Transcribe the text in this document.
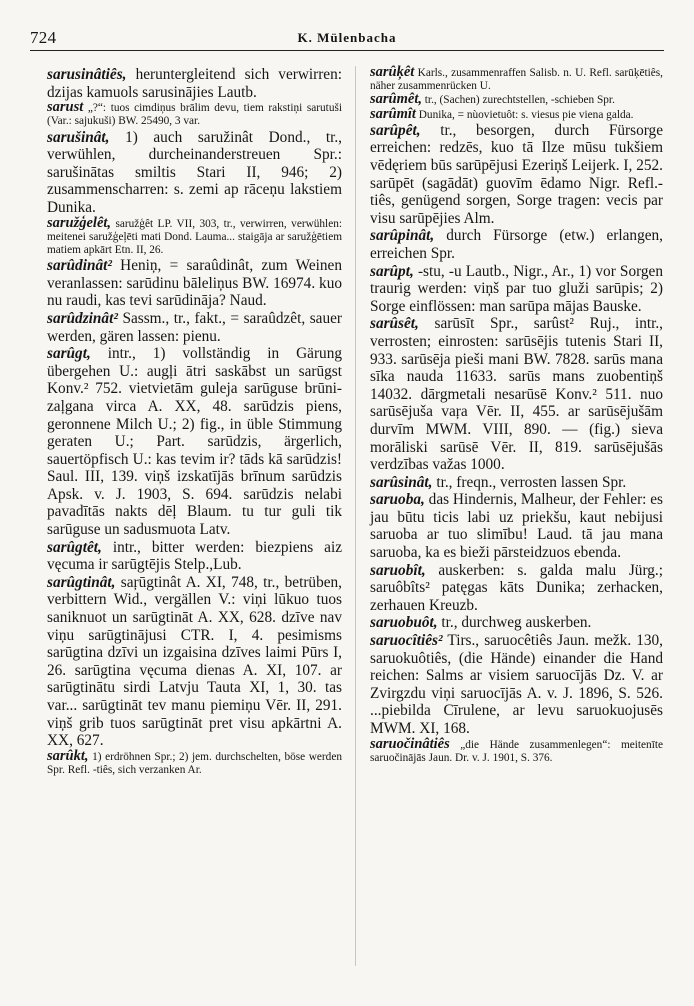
724	K. Mülenbacha

sarusinâtiês, heruntergleitend sich verwirren: dzijas kamuols sarusinājies Lautb.

sarust „?“: tuos cimdiņus brālim devu, tiem rakstiņi sarutuši (Var.: sajukuši) BW. 25490, 3 var.

sarušinât, 1) auch saružinât Dond., tr., verwühlen, durcheinanderstreuen Spr.: sarušinātas smiltis Stari II, 946; 2) zusammenscharren: s. zemi ap rāceņu lakstiem Dunika.

saružģelêt, saružģêt LP. VII, 303, tr., verwirren, verwühlen: meitenei saružģeļēti mati Dond. Lauma... staigāja ar saružģētiem matiem apkārt Etn. II, 26.

sarûdinât² Heniņ, = saraûdinât, zum Weinen veranlassen: sarūdinu bāleliņus BW. 16974. kuo nu raudi, kas tevi sarūdināja? Naud.

sarûdzinât² Sassm., tr., fakt., = saraûdzêt, sauer werden, gären lassen: pienu.

sarûgt, intr., 1) vollständig in Gärung übergehen U.: augļi ātri saskābst un sarūgst Konv.² 752. vietvietām guleja sarūguse brūni-zaļgana virca A. XX, 48. sarūdzis piens, geronnene Milch U.; 2) fig., in üble Stimmung geraten U.; Part. sarūdzis, ärgerlich, sauertöpfisch U.: kas tevim ir? tāds kā sarūdzis! Saul. III, 139. viņš izskatījās brīnum sarūdzis Apsk. v. J. 1903, S. 694. sarūdzis nelabi pavadītās nakts dēļ Blaum. tu tur guli tik sarūguse un sadusmuota Latv.

sarûgtêt, intr., bitter werden: biezpiens aiz vęcuma ir sarūgtējis Stelp.,Lub.

sarûgtinât, saŗūgtinât A. XI, 748, tr., betrüben, verbittern Wid., vergällen V.: viņi lūkuo tuos saniknuot un sarūgtināt A. XX, 628. dzīve nav viņu sarūgtinājusi CTR. I, 4. pesimisms sarūgtina dzīvi un izgaisina dzīves laimi Pūrs I, 26. sarūgtina vęcuma dienas A. XI, 107. ar sarūgtinātu sirdi Latvju Tauta XI, 1, 30. tas var... sarūgtināt tev manu piemiņu Vēr. II, 291. viņš grib tuos sarūgtināt pret visu apkārtni A. XX, 627.

sarûkt, 1) erdröhnen Spr.; 2) jem. durchschelten, böse werden Spr. Refl. -tiês, sich verzanken Ar.

sarûķêt Karls., zusammenraffen Salisb. n. U. Refl. sarūķētiês, näher zusammenrücken U.

sarûmêt, tr., (Sachen) zurechtstellen, -schieben Spr.

sarûmît Dunika, = nùovietuôt: s. viesus pie viena galda.

sarûpêt, tr., besorgen, durch Fürsorge erreichen: redzēs, kuo tā Ilze mūsu tukšiem vēdęriem būs sarūpējusi Ezeriņš Leijerk. I, 252. sarūpēt (sagādāt) guovīm ēdamo Nigr. Refl.-tiês, genügend sorgen, Sorge tragen: vecis par visu sarūpējies Alm.

sarûpinât, durch Fürsorge (etw.) erlangen, erreichen Spr.

sarûpt, -stu, -u Lautb., Nigr., Ar., 1) vor Sorgen traurig werden: viņš par tuo gluži sarūpis; 2) Sorge einflössen: man sarūpa mājas Bauske.

sarûsêt, sarūsīt Spr., sarûst² Ruj., intr., verrosten; einrosten: sarūsējis tutenis Stari II, 933. sarūsēja pieši mani BW. 7828. sarūs mana sīka nauda 11633. sarūs mans zuobentiņš 14032. dārgmetali nesarūsē Konv.² 511. nuo sarūsējuša vaŗa Vēr. II, 455. ar sarūsējušām durvīm MWM. VIII, 890. — (fig.) sieva morāliski sarūsē Vēr. II, 819. sarūsējušās verdzības važas 1000.

sarûsinât, tr., freqn., verrosten lassen Spr.

saruoba, das Hindernis, Malheur, der Fehler: es jau būtu ticis labi uz priekšu, kaut nebijusi saruoba ar tuo slimību! Laud. tā jau mana saruoba, ka es bieži pārsteidzuos ebenda.

saruobît, auskerben: s. galda malu Jürg.; saruôbîts² patęgas kāts Dunika; zerhacken, zerhauen Kreuzb.

saruobuôt, tr., durchweg auskerben.

saruocîtiês² Tirs., saruocêtiês Jaun. mežk. 130, saruokuôtiês, (die Hände) einander die Hand reichen: Salms ar visiem saruocījās Dz. V. ar Zvirgzdu viņi saruocījās A. v. J. 1896, S. 526. ...piebilda Cīrulene, ar levu saruokuojusēs MWM. XI, 168.

saruočinâtiês „die Hände zusammenlegen“: meitenīte saruočinājās Jaun. Dr. v. J. 1901, S. 376.
